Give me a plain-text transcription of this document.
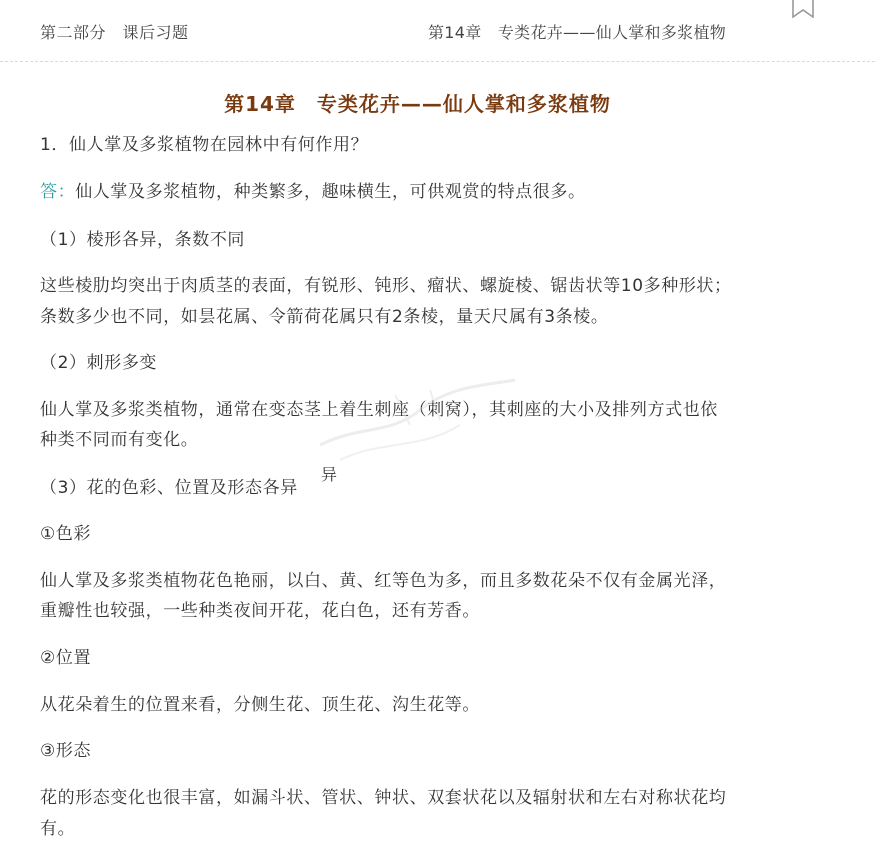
第二部分　课后习题	第14章　专类花卉——仙人掌和多浆植物
第14章　专类花卉——仙人掌和多浆植物
1．仙人掌及多浆植物在园林中有何作用？
答：仙人掌及多浆植物，种类繁多，趣味横生，可供观赏的特点很多。
（1）棱形各异，条数不同
这些棱肋均突出于肉质茎的表面，有锐形、钝形、瘤状、螺旋棱、锯齿状等10多种形状；
条数多少也不同，如昙花属、令箭荷花属只有2条棱，量天尺属有3条棱。
（2）刺形多变
仙人掌及多浆类植物，通常在变态茎上着生刺座（刺窝），其刺座的大小及排列方式也依
种类不同而有变化。
（3）花的色彩、位置及形态各异
异
①色彩
仙人掌及多浆类植物花色艳丽，以白、黄、红等色为多，而且多数花朵不仅有金属光泽，
重瓣性也较强，一些种类夜间开花，花白色，还有芳香。
②位置
从花朵着生的位置来看，分侧生花、顶生花、沟生花等。
③形态
花的形态变化也很丰富，如漏斗状、管状、钟状、双套状花以及辐射状和左右对称状花均
有。
